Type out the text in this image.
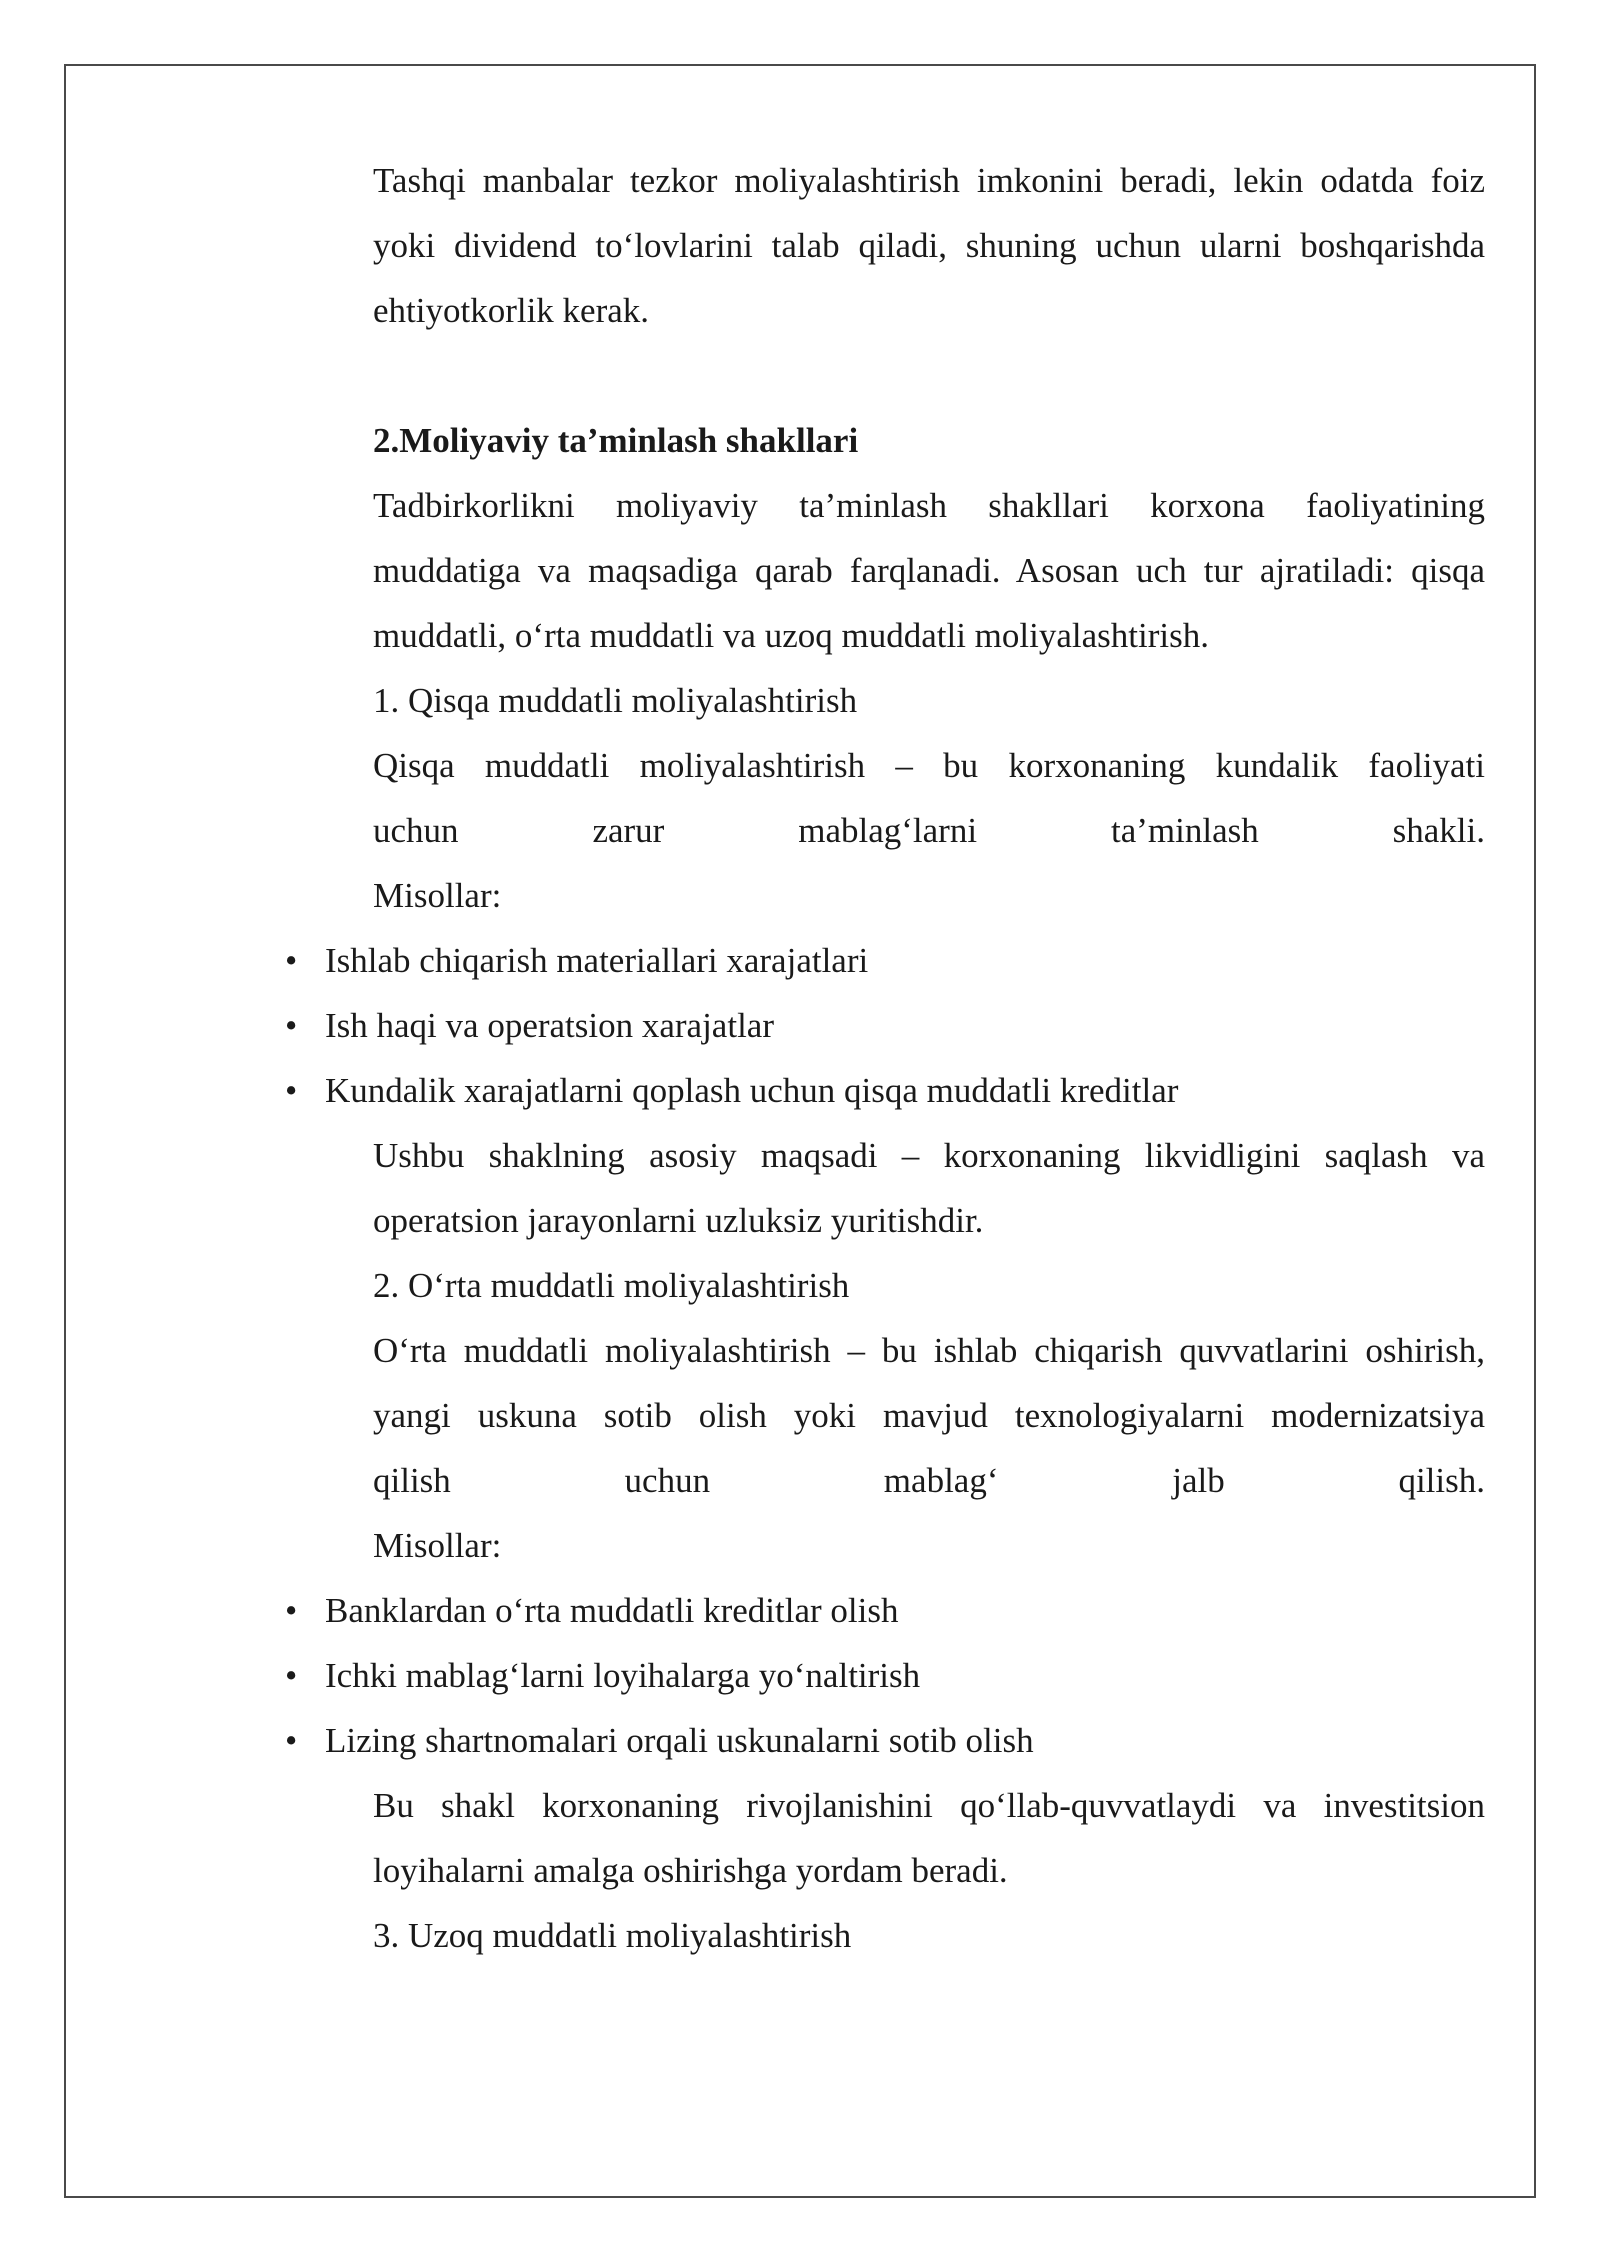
Tashqi manbalar tezkor moliyalashtirish imkonini beradi, lekin odatda foiz

yoki dividend to‘lovlarini talab qiladi, shuning uchun ularni boshqarishda

ehtiyotkorlik kerak.

2.Moliyaviy ta’minlash shakllari

Tadbirkorlikni moliyaviy ta’minlash shakllari korxona faoliyatining

muddatiga va maqsadiga qarab farqlanadi. Asosan uch tur ajratiladi: qisqa

muddatli, o‘rta muddatli va uzoq muddatli moliyalashtirish.

1. Qisqa muddatli moliyalashtirish

Qisqa muddatli moliyalashtirish – bu korxonaning kundalik faoliyati

uchun zarur mablag‘larni ta’minlash shakli.

Misollar:

• Ishlab chiqarish materiallari xarajatlari
• Ish haqi va operatsion xarajatlar
• Kundalik xarajatlarni qoplash uchun qisqa muddatli kreditlar

Ushbu shaklning asosiy maqsadi – korxonaning likvidligini saqlash va

operatsion jarayonlarni uzluksiz yuritishdir.

2. O‘rta muddatli moliyalashtirish

O‘rta muddatli moliyalashtirish – bu ishlab chiqarish quvvatlarini oshirish,

yangi uskuna sotib olish yoki mavjud texnologiyalarni modernizatsiya

qilish uchun mablag‘ jalb qilish.

Misollar:

• Banklardan o‘rta muddatli kreditlar olish
• Ichki mablag‘larni loyihalarga yo‘naltirish
• Lizing shartnomalari orqali uskunalarni sotib olish

Bu shakl korxonaning rivojlanishini qo‘llab-quvvatlaydi va investitsion

loyihalarni amalga oshirishga yordam beradi.

3. Uzoq muddatli moliyalashtirish
